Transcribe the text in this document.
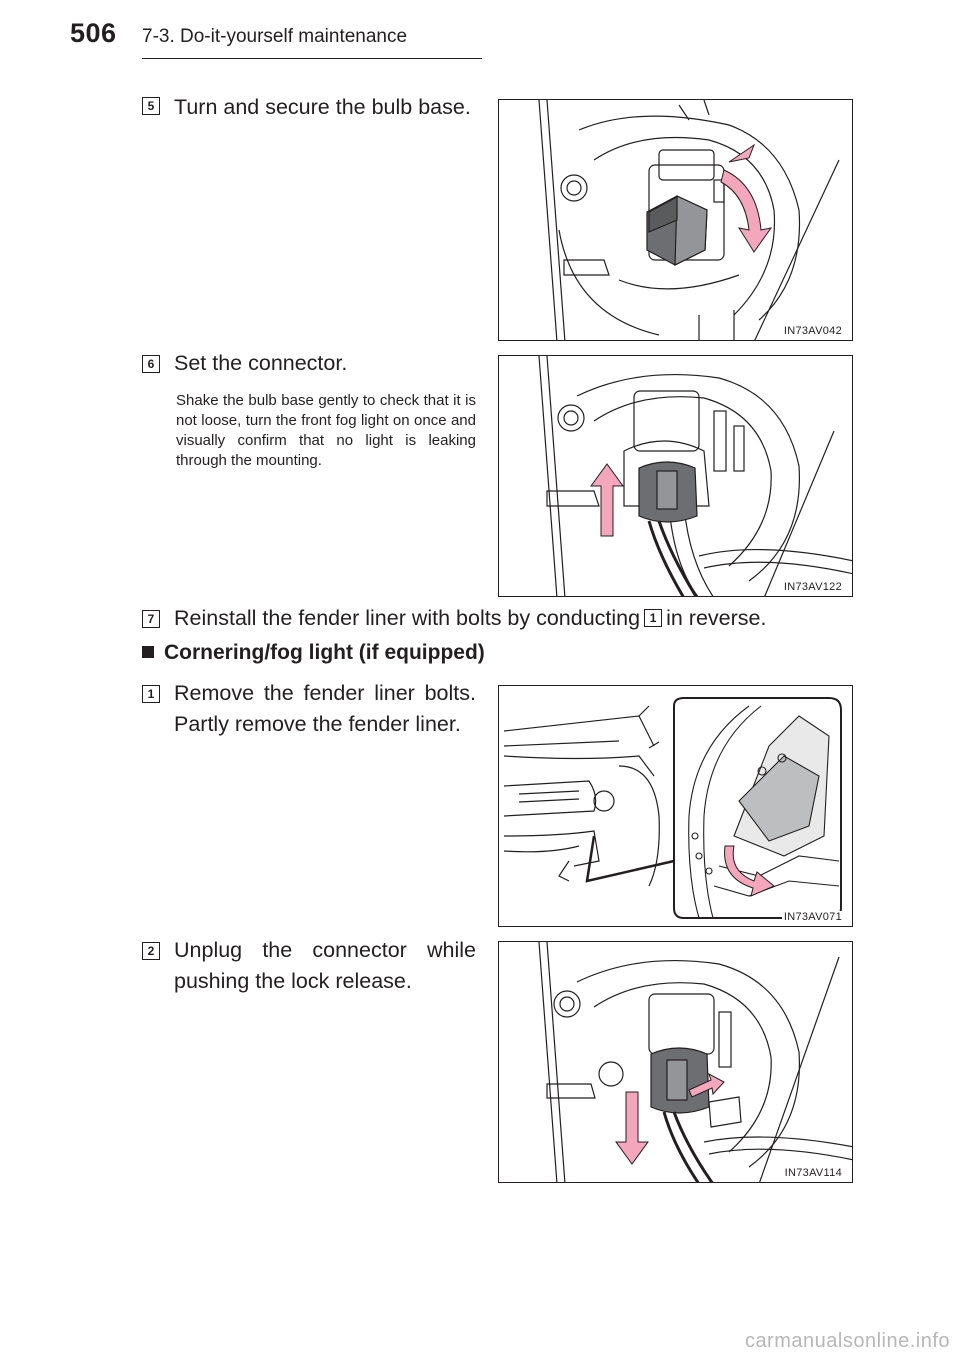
506 7-3. Do-it-yourself maintenance
5 Turn and secure the bulb base.
IN73AV042
6 Set the connector.
Shake the bulb base gently to check that it is not loose, turn the front fog light on once and visually confirm that no light is leaking through the mounting.
IN73AV122
7 Reinstall the fender liner with bolts by conducting 1 in reverse.
Cornering/fog light (if equipped)
1 Remove the fender liner bolts. Partly remove the fender liner.
IN73AV071
2 Unplug the connector while pushing the lock release.
IN73AV114
carmanualsonline.info
